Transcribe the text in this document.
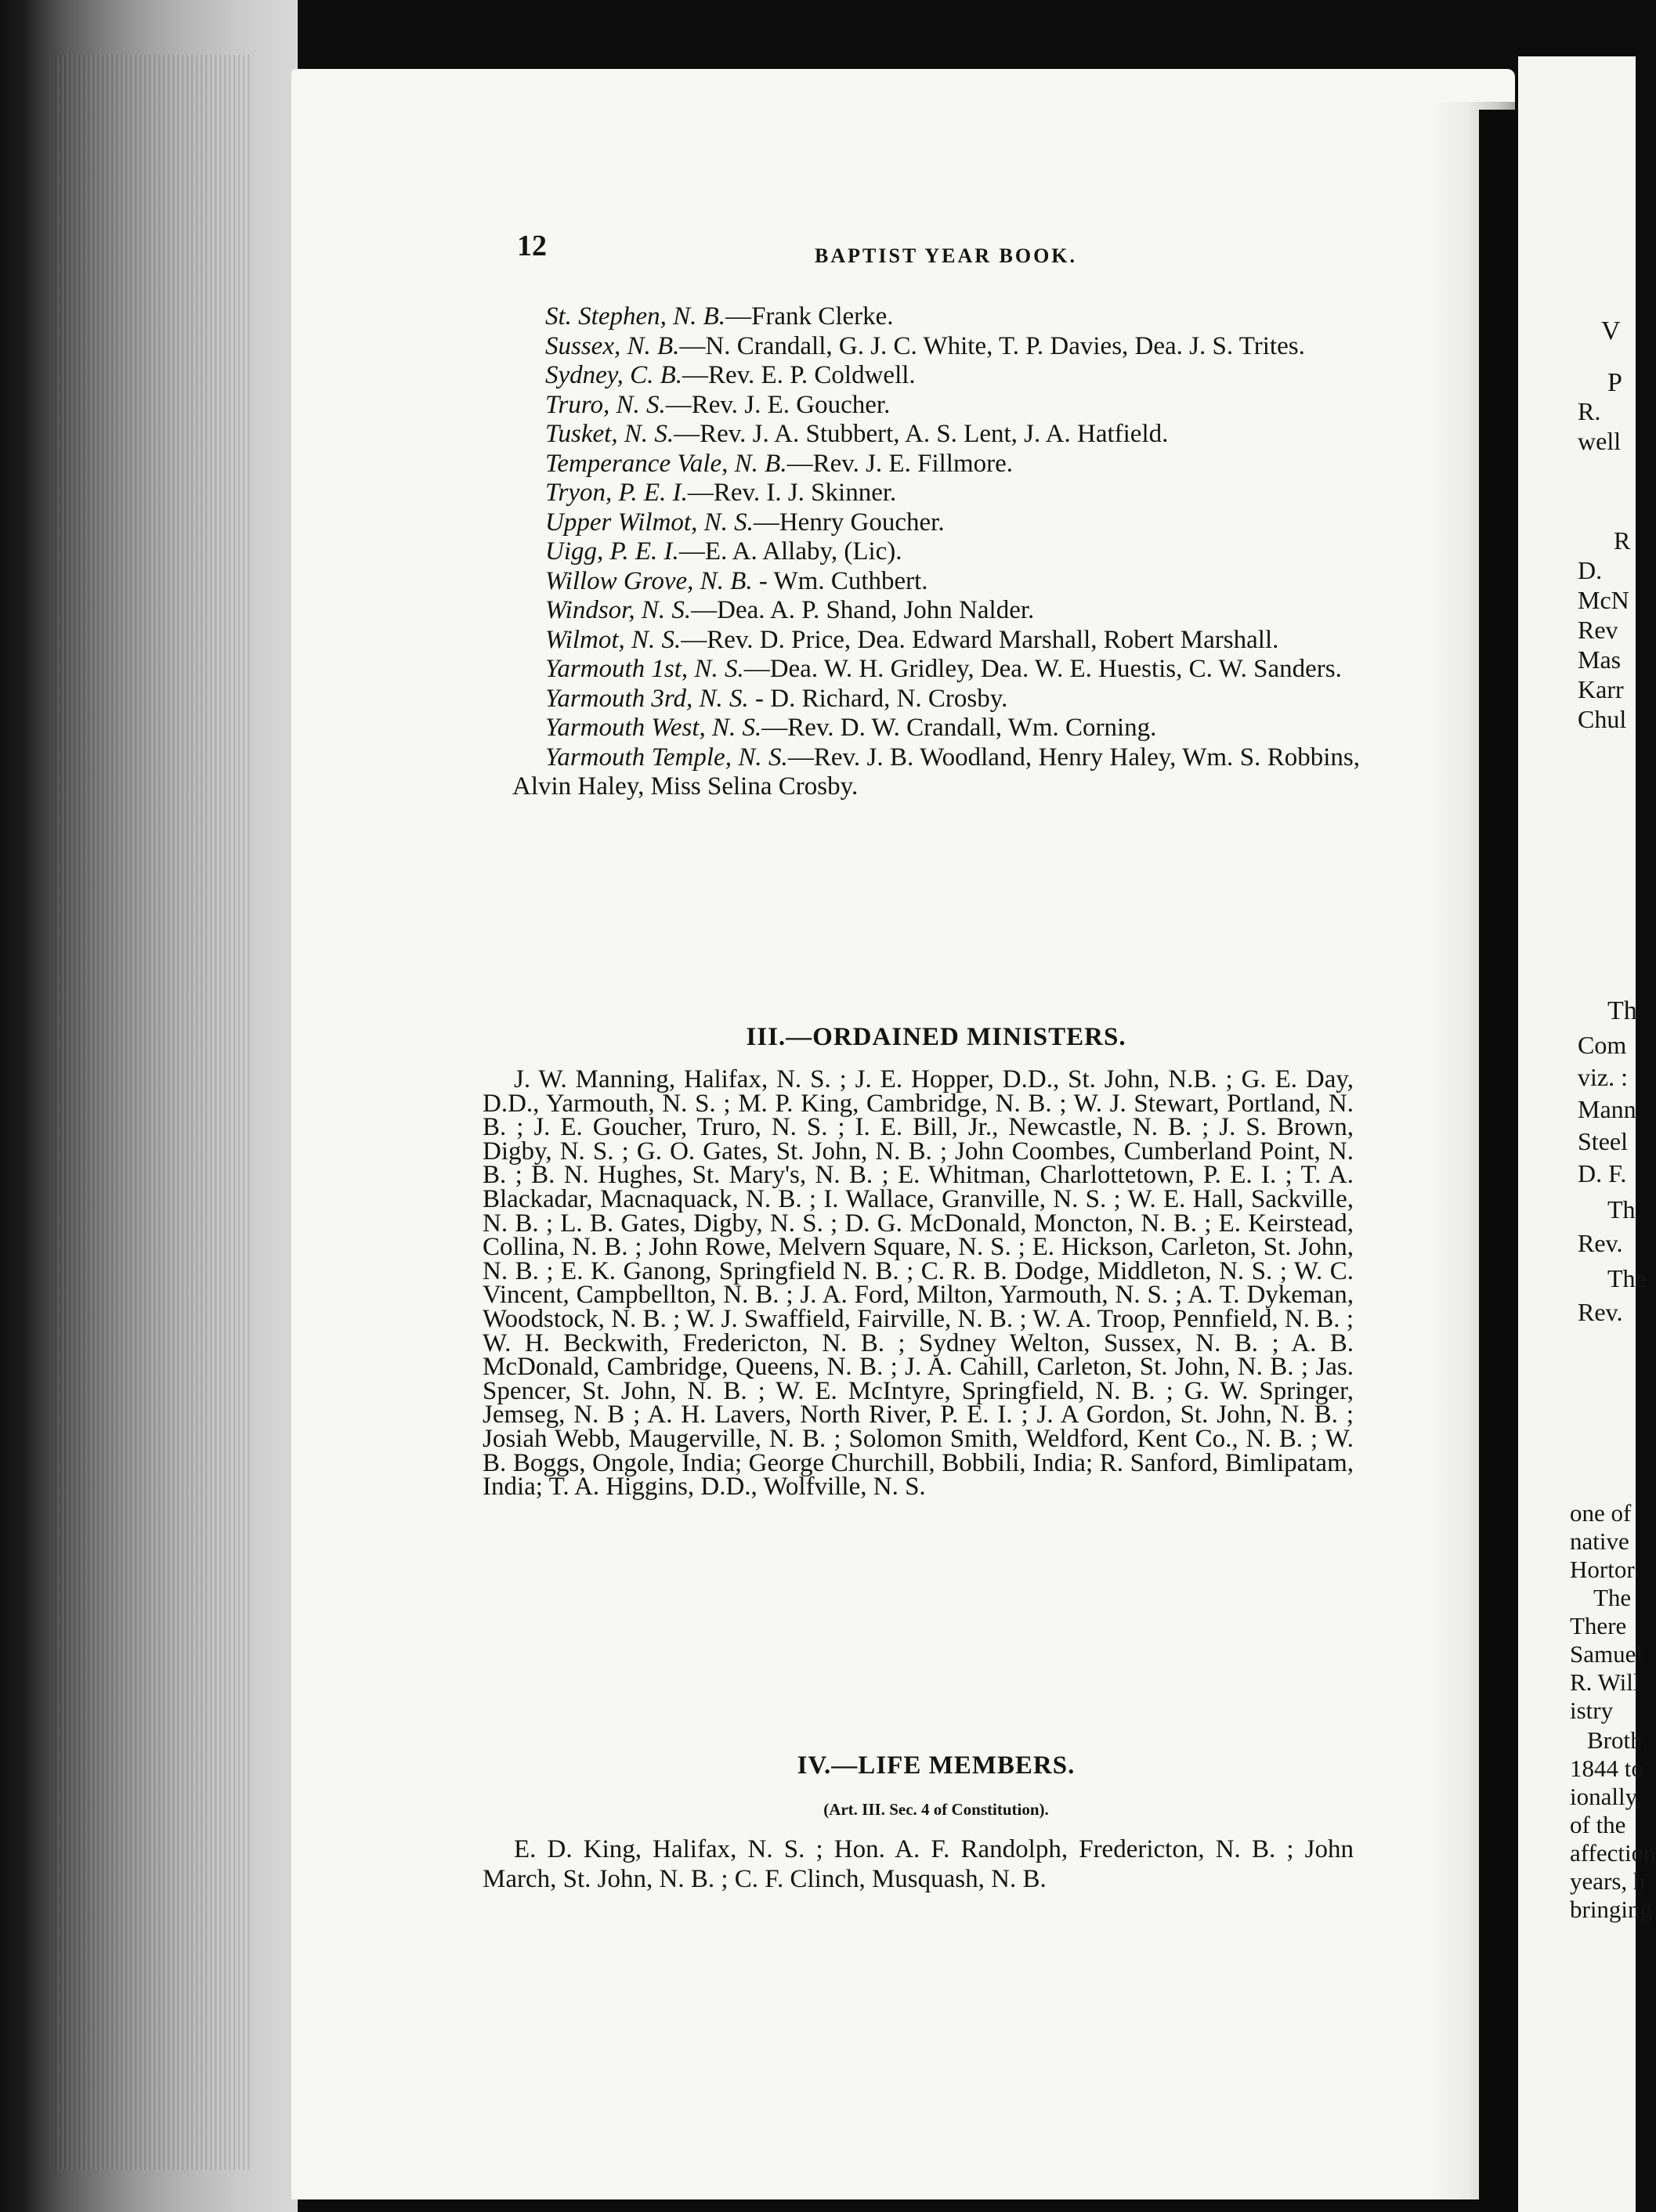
12	BAPTIST YEAR BOOK.

St. Stephen, N. B.—Frank Clerke.

Sussex, N. B.—N. Crandall, G. J. C. White, T. P. Davies, Dea. J. S. Trites.

Sydney, C. B.—Rev. E. P. Coldwell.

Truro, N. S.—Rev. J. E. Goucher.

Tusket, N. S.—Rev. J. A. Stubbert, A. S. Lent, J. A. Hatfield.

Temperance Vale, N. B.—Rev. J. E. Fillmore.

Tryon, P. E. I.—Rev. I. J. Skinner.

Upper Wilmot, N. S.—Henry Goucher.

Uigg, P. E. I.—E. A. Allaby, (Lic).

Willow Grove, N. B. - Wm. Cuthbert.

Windsor, N. S.—Dea. A. P. Shand, John Nalder.

Wilmot, N. S.—Rev. D. Price, Dea. Edward Marshall, Robert Marshall.

Yarmouth 1st, N. S.—Dea. W. H. Gridley, Dea. W. E. Huestis, C. W. Sanders.

Yarmouth 3rd, N. S. - D. Richard, N. Crosby.

Yarmouth West, N. S.—Rev. D. W. Crandall, Wm. Corning.

Yarmouth Temple, N. S.—Rev. J. B. Woodland, Henry Haley, Wm. S. Robbins, Alvin Haley, Miss Selina Crosby.

III.—ORDAINED MINISTERS.
J. W. Manning, Halifax, N. S. ; J. E. Hopper, D.D., St. John, N.B. ; G. E. Day, D.D., Yarmouth, N. S. ; M. P. King, Cambridge, N. B. ; W. J. Stewart, Portland, N. B. ; J. E. Goucher, Truro, N. S. ; I. E. Bill, Jr., Newcastle, N. B. ; J. S. Brown, Digby, N. S. ; G. O. Gates, St. John, N. B. ; John Coombes, Cumberland Point, N. B. ; B. N. Hughes, St. Mary's, N. B. ; E. Whitman, Charlottetown, P. E. I. ; T. A. Blackadar, Macnaquack, N. B. ; I. Wallace, Granville, N. S. ; W. E. Hall, Sackville, N. B. ; L. B. Gates, Digby, N. S. ; D. G. McDonald, Moncton, N. B. ; E. Keirstead, Collina, N. B. ; John Rowe, Melvern Square, N. S. ; E. Hickson, Carleton, St. John, N. B. ; E. K. Ganong, Springfield N. B. ; C. R. B. Dodge, Middleton, N. S. ; W. C. Vincent, Campbellton, N. B. ; J. A. Ford, Milton, Yarmouth, N. S. ; A. T. Dykeman, Woodstock, N. B. ; W. J. Swaffield, Fairville, N. B. ; W. A. Troop, Pennfield, N. B. ; W. H. Beckwith, Fredericton, N. B. ; Sydney Welton, Sussex, N. B. ; A. B. McDonald, Cambridge, Queens, N. B. ; J. A. Cahill, Carleton, St. John, N. B. ; Jas. Spencer, St. John, N. B. ; W. E. McIntyre, Springfield, N. B. ; G. W. Springer, Jemseg, N. B ; A. H. Lavers, North River, P. E. I. ; J. A Gordon, St. John, N. B. ; Josiah Webb, Maugerville, N. B. ; Solomon Smith, Weldford, Kent Co., N. B. ; W. B. Boggs, Ongole, India; George Churchill, Bobbili, India; R. Sanford, Bimlipatam, India; T. A. Higgins, D.D., Wolfville, N. S.
IV.—LIFE MEMBERS.
(Art. III. Sec. 4 of Constitution).
E. D. King, Halifax, N. S. ; Hon. A. F. Randolph, Fredericton, N. B. ; John March, St. John, N. B. ; C. F. Clinch, Musquash, N. B.
V
P
R.
well
R
D.
McN
Rev
Mas
Karr
Chul
Th
Com
viz. :
Mann
Steel
D. F.
Th
Rev.
The
Rev.
one of
native
Hortor
The
There
Samuel
R. Will
istry
Broth
1844 to
ionally,
of the
affection
years, h
bringing
